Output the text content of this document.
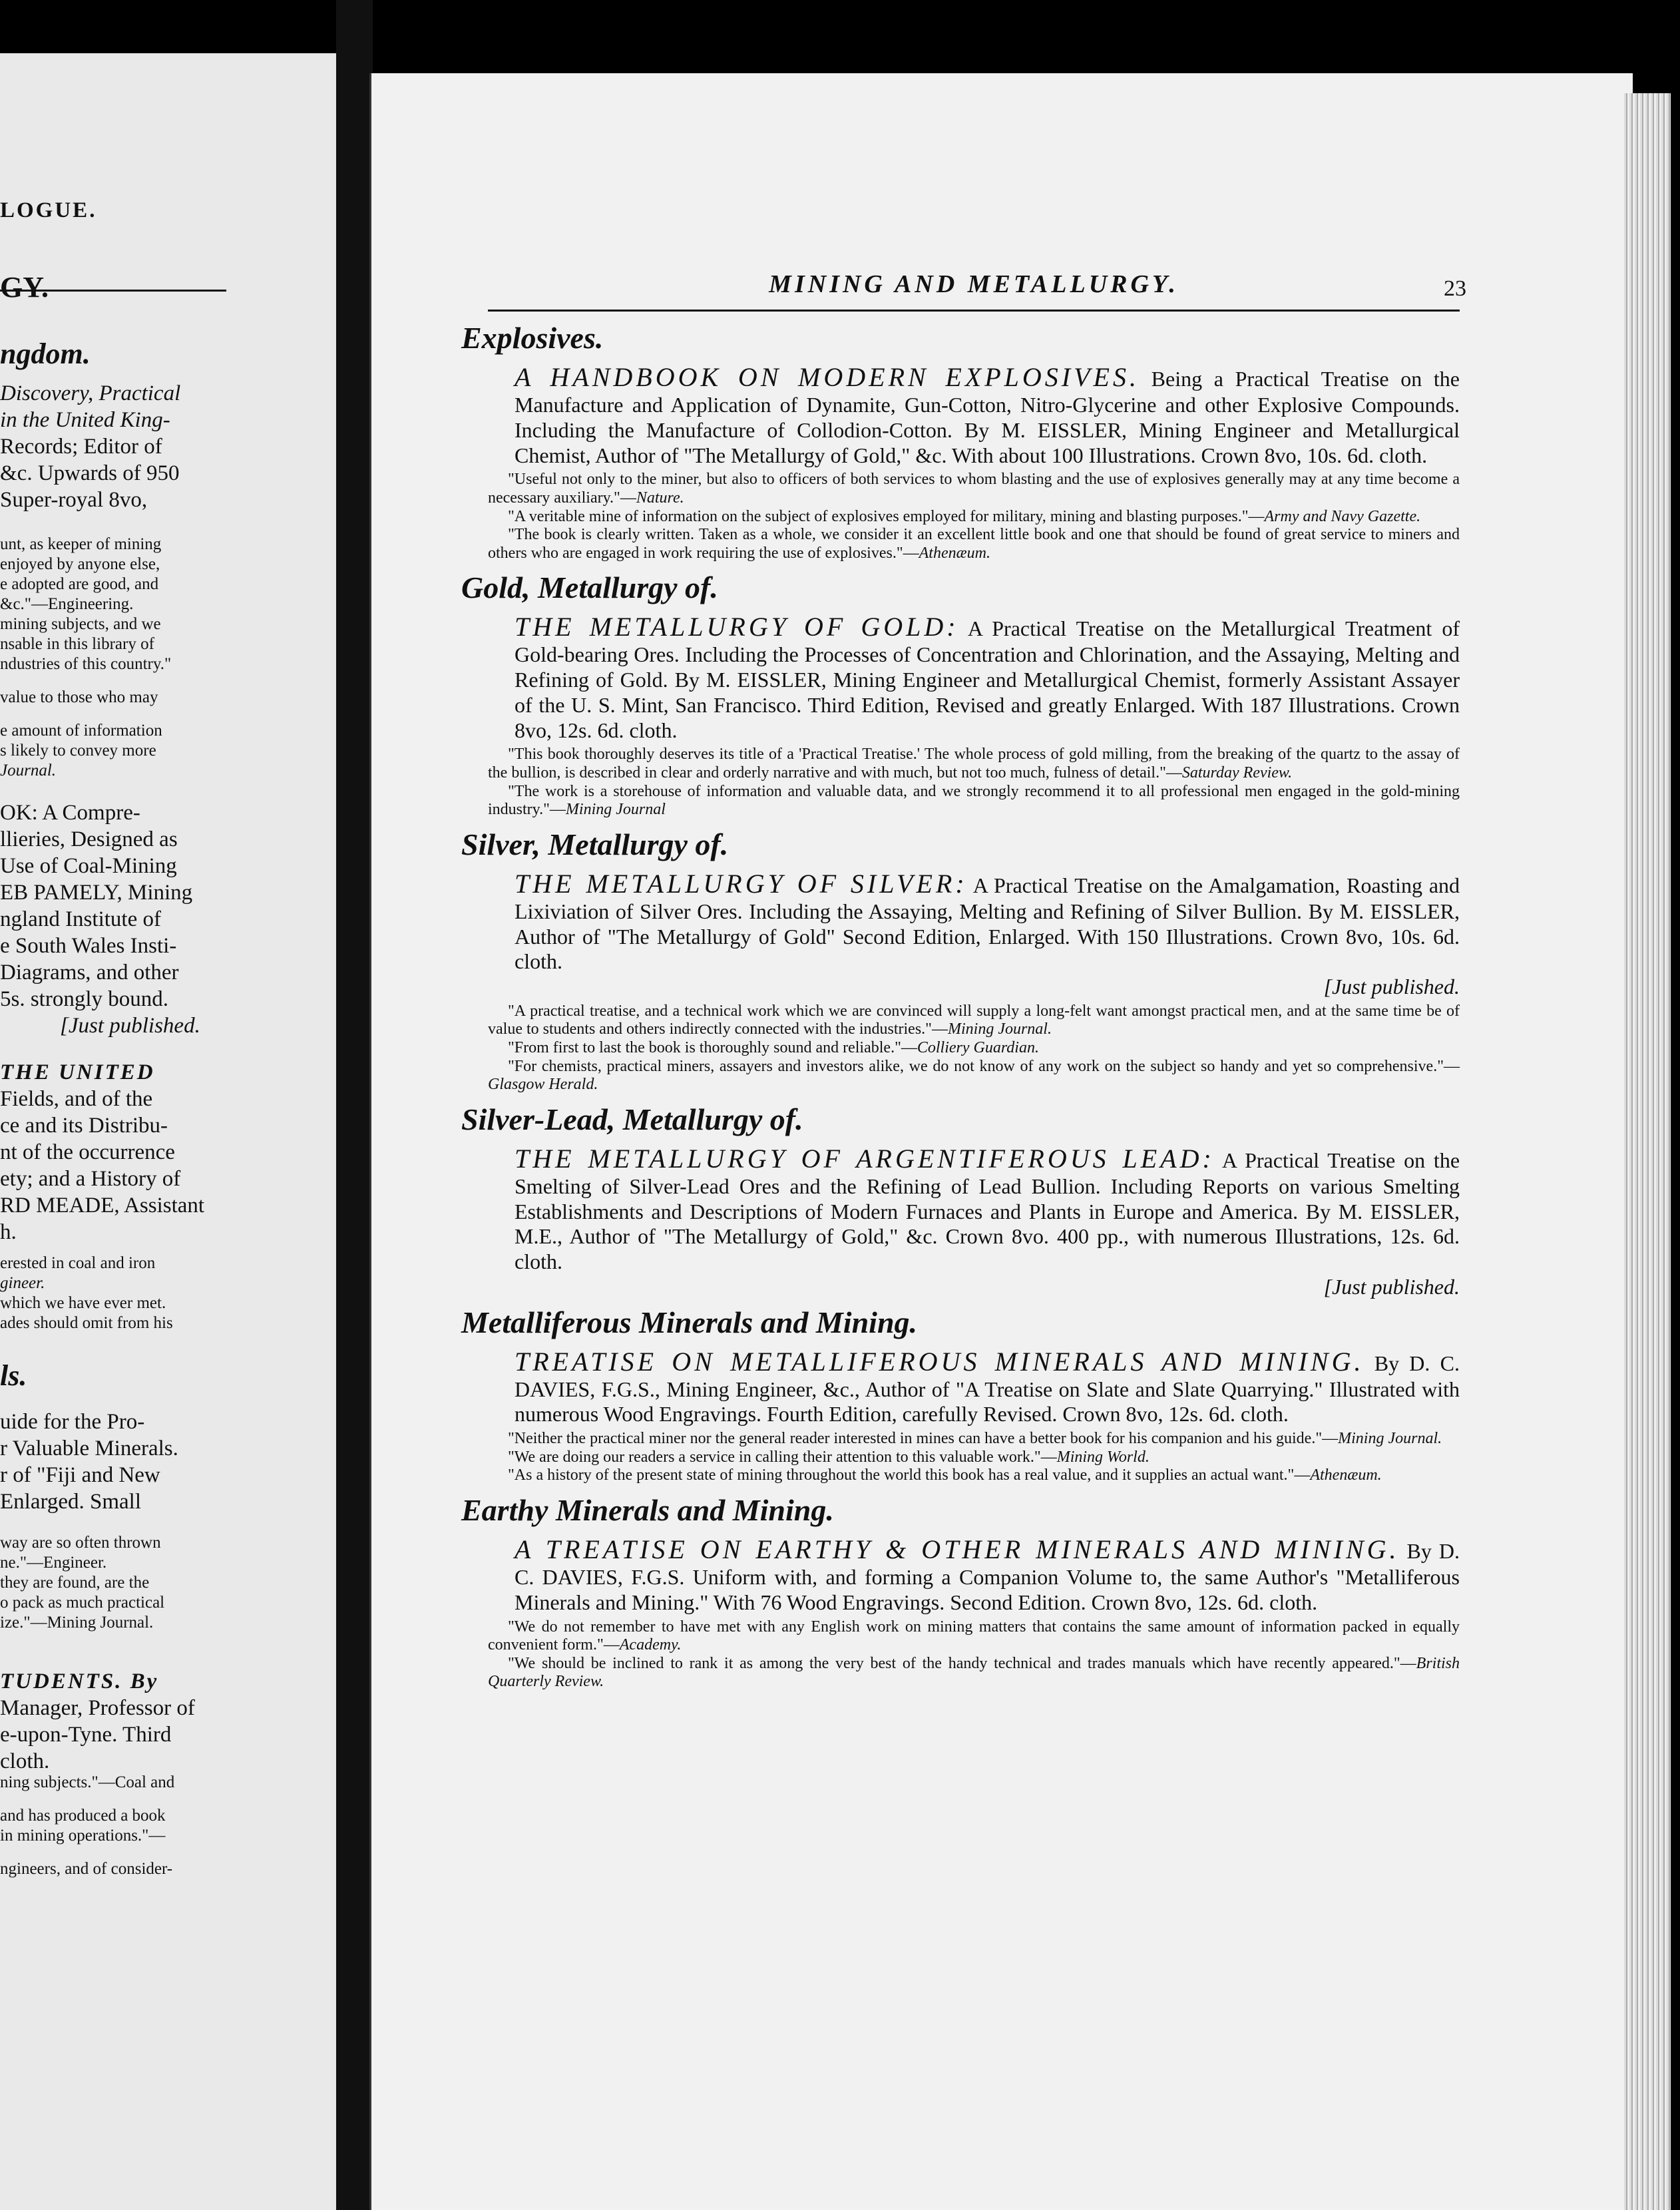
LOGUE.
GY.
ngdom.
Discovery, Practical
in the United King-
Records; Editor of
&c. Upwards of 950
Super-royal 8vo,
unt, as keeper of mining
enjoyed by anyone else,
e adopted are good, and
&c."—Engineering.
mining subjects, and we
nsable in this library of
ndustries of this country."
value to those who may
e amount of information
s likely to convey more
Journal.
OK: A Compre-
llieries, Designed as
Use of Coal-Mining
EB PAMELY, Mining
ngland Institute of
e South Wales Insti-
Diagrams, and other
5s. strongly bound.
[Just published.
THE UNITED
Fields, and of the
ce and its Distribu-
nt of the occurrence
ety; and a History of
RD MEADE, Assistant
h.
erested in coal and iron
gineer.
which we have ever met.
ades should omit from his
ls.
uide for the Pro-
r Valuable Minerals.
r of "Fiji and New
Enlarged. Small
way are so often thrown
ne."—Engineer.
they are found, are the
o pack as much practical
ize."—Mining Journal.
TUDENTS. By
Manager, Professor of
e-upon-Tyne. Third
cloth.
ning subjects."—Coal and
and has produced a book
in mining operations."—
ngineers, and of consider-
MINING AND METALLURGY.	23
Explosives.
A HANDBOOK ON MODERN EXPLOSIVES. Being a Practical Treatise on the Manufacture and Application of Dynamite, Gun-Cotton, Nitro-Glycerine and other Explosive Compounds. Including the Manufacture of Collodion-Cotton. By M. EISSLER, Mining Engineer and Metallurgical Chemist, Author of "The Metallurgy of Gold," &c. With about 100 Illustrations. Crown 8vo, 10s. 6d. cloth.

"Useful not only to the miner, but also to officers of both services to whom blasting and the use of explosives generally may at any time become a necessary auxiliary."—Nature.

"A veritable mine of information on the subject of explosives employed for military, mining and blasting purposes."—Army and Navy Gazette.

"The book is clearly written. Taken as a whole, we consider it an excellent little book and one that should be found of great service to miners and others who are engaged in work requiring the use of explosives."—Athenæum.

Gold, Metallurgy of.
THE METALLURGY OF GOLD: A Practical Treatise on the Metallurgical Treatment of Gold-bearing Ores. Including the Processes of Concentration and Chlorination, and the Assaying, Melting and Refining of Gold. By M. EISSLER, Mining Engineer and Metallurgical Chemist, formerly Assistant Assayer of the U. S. Mint, San Francisco. Third Edition, Revised and greatly Enlarged. With 187 Illustrations. Crown 8vo, 12s. 6d. cloth.

"This book thoroughly deserves its title of a 'Practical Treatise.' The whole process of gold milling, from the breaking of the quartz to the assay of the bullion, is described in clear and orderly narrative and with much, but not too much, fulness of detail."—Saturday Review.

"The work is a storehouse of information and valuable data, and we strongly recommend it to all professional men engaged in the gold-mining industry."—Mining Journal

Silver, Metallurgy of.
THE METALLURGY OF SILVER: A Practical Treatise on the Amalgamation, Roasting and Lixiviation of Silver Ores. Including the Assaying, Melting and Refining of Silver Bullion. By M. EISSLER, Author of "The Metallurgy of Gold" Second Edition, Enlarged. With 150 Illustrations. Crown 8vo, 10s. 6d. cloth.
[Just published.

"A practical treatise, and a technical work which we are convinced will supply a long-felt want amongst practical men, and at the same time be of value to students and others indirectly connected with the industries."—Mining Journal.

"From first to last the book is thoroughly sound and reliable."—Colliery Guardian.

"For chemists, practical miners, assayers and investors alike, we do not know of any work on the subject so handy and yet so comprehensive."—Glasgow Herald.

Silver-Lead, Metallurgy of.
THE METALLURGY OF ARGENTIFEROUS LEAD: A Practical Treatise on the Smelting of Silver-Lead Ores and the Refining of Lead Bullion. Including Reports on various Smelting Establishments and Descriptions of Modern Furnaces and Plants in Europe and America. By M. EISSLER, M.E., Author of "The Metallurgy of Gold," &c. Crown 8vo. 400 pp., with numerous Illustrations, 12s. 6d. cloth.
[Just published.
Metalliferous Minerals and Mining.
TREATISE ON METALLIFEROUS MINERALS AND MINING. By D. C. DAVIES, F.G.S., Mining Engineer, &c., Author of "A Treatise on Slate and Slate Quarrying." Illustrated with numerous Wood Engravings. Fourth Edition, carefully Revised. Crown 8vo, 12s. 6d. cloth.

"Neither the practical miner nor the general reader interested in mines can have a better book for his companion and his guide."—Mining Journal.

"We are doing our readers a service in calling their attention to this valuable work."—Mining World.

"As a history of the present state of mining throughout the world this book has a real value, and it supplies an actual want."—Athenæum.

Earthy Minerals and Mining.
A TREATISE ON EARTHY & OTHER MINERALS AND MINING. By D. C. DAVIES, F.G.S. Uniform with, and forming a Companion Volume to, the same Author's "Metalliferous Minerals and Mining." With 76 Wood Engravings. Second Edition. Crown 8vo, 12s. 6d. cloth.

"We do not remember to have met with any English work on mining matters that contains the same amount of information packed in equally convenient form."—Academy.

"We should be inclined to rank it as among the very best of the handy technical and trades manuals which have recently appeared."—British Quarterly Review.
